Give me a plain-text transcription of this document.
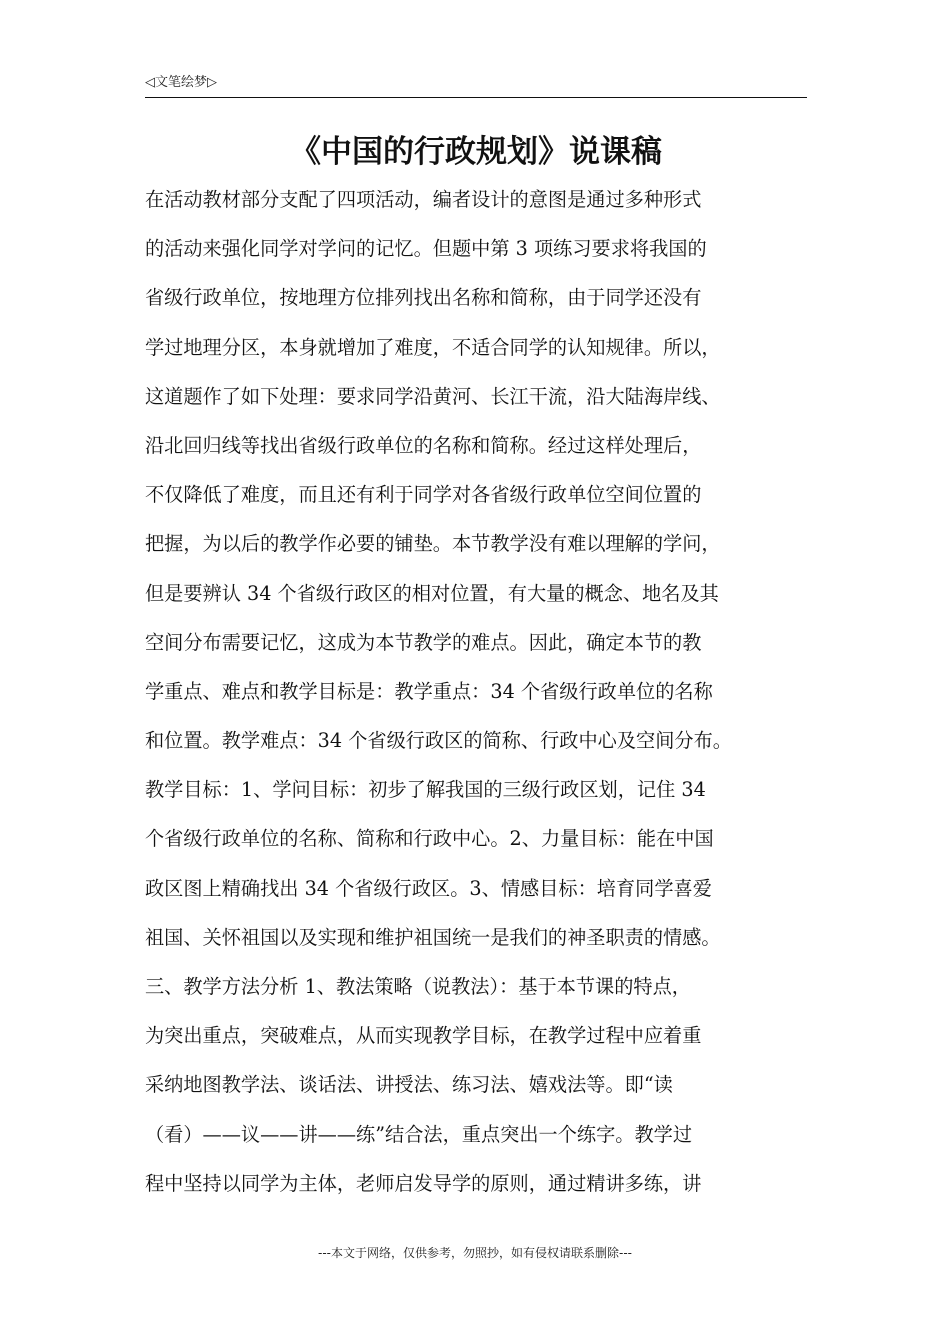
◁文笔绘梦▷
《中国的行政规划》说课稿
在活动教材部分支配了四项活动，编者设计的意图是通过多种形式
的活动来强化同学对学问的记忆。但题中第 3 项练习要求将我国的
省级行政单位，按地理方位排列找出名称和简称，由于同学还没有
学过地理分区，本身就增加了难度，不适合同学的认知规律。所以，
这道题作了如下处理：要求同学沿黄河、长江干流，沿大陆海岸线、
沿北回归线等找出省级行政单位的名称和简称。经过这样处理后，
不仅降低了难度，而且还有利于同学对各省级行政单位空间位置的
把握，为以后的教学作必要的铺垫。本节教学没有难以理解的学问，
但是要辨认 34 个省级行政区的相对位置，有大量的概念、地名及其
空间分布需要记忆，这成为本节教学的难点。因此，确定本节的教
学重点、难点和教学目标是：教学重点：34 个省级行政单位的名称
和位置。教学难点：34 个省级行政区的简称、行政中心及空间分布。
教学目标：1、学问目标：初步了解我国的三级行政区划，记住 34
个省级行政单位的名称、简称和行政中心。2、力量目标：能在中国
政区图上精确找出 34 个省级行政区。3、情感目标：培育同学喜爱
祖国、关怀祖国以及实现和维护祖国统一是我们的神圣职责的情感。
三、教学方法分析 1、教法策略（说教法）：基于本节课的特点，
为突出重点，突破难点，从而实现教学目标，在教学过程中应着重
采纳地图教学法、谈话法、讲授法、练习法、嬉戏法等。即“读
（看）——议——讲——练”结合法，重点突出一个练字。教学过
程中坚持以同学为主体，老师启发导学的原则，通过精讲多练，讲
---本文于网络，仅供参考，勿照抄，如有侵权请联系删除---
